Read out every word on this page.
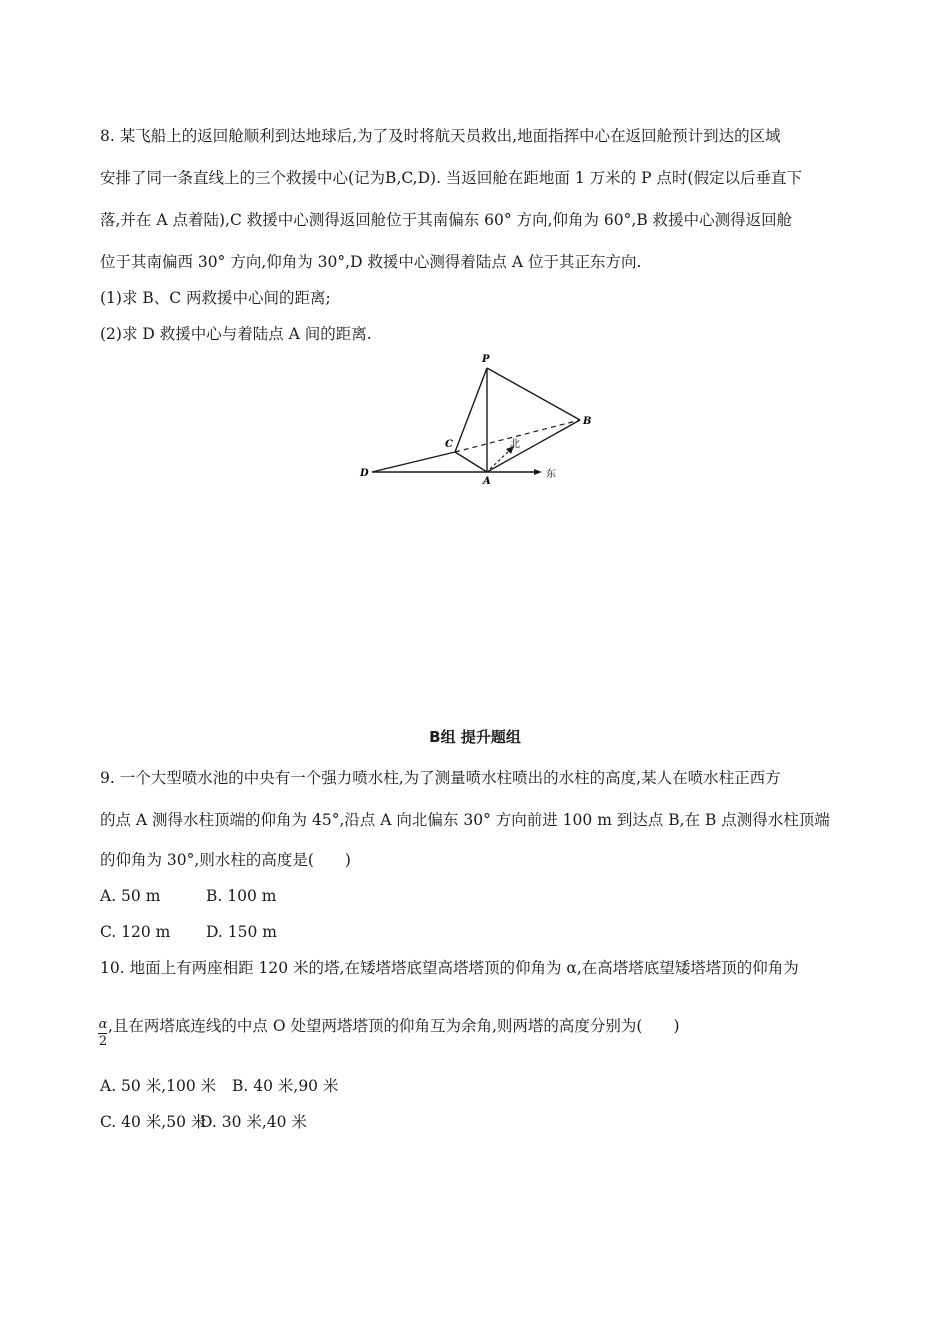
8. 某飞船上的返回舱顺利到达地球后,为了及时将航天员救出,地面指挥中心在返回舱预计到达的区域
安排了同一条直线上的三个救援中心(记为B,C,D). 当返回舱在距地面 1 万米的 P 点时(假定以后垂直下
落,并在 A 点着陆),C 救援中心测得返回舱位于其南偏东 60° 方向,仰角为 60°,B 救援中心测得返回舱
位于其南偏西 30° 方向,仰角为 30°,D 救援中心测得着陆点 A 位于其正东方向.
(1)求 B、C 两救援中心间的距离;
(2)求 D 救援中心与着陆点 A 间的距离.
P
B
C
D
A
北
东
B组 提升题组
9. 一个大型喷水池的中央有一个强力喷水柱,为了测量喷水柱喷出的水柱的高度,某人在喷水柱正西方
的点 A 测得水柱顶端的仰角为 45°,沿点 A 向北偏东 30° 方向前进 100 m 到达点 B,在 B 点测得水柱顶端
的仰角为 30°,则水柱的高度是(　　)
A. 50 m	B. 100 m
C. 120 m D. 150 m
10. 地面上有两座相距 120 米的塔,在矮塔塔底望高塔塔顶的仰角为 α,在高塔塔底望矮塔塔顶的仰角为
α
2
,且在两塔底连线的中点 O 处望两塔塔顶的仰角互为余角,则两塔的高度分别为(　　)
A. 50 米,100 米 B. 40 米,90 米
C. 40 米,50 米
D. 30 米,40 米
